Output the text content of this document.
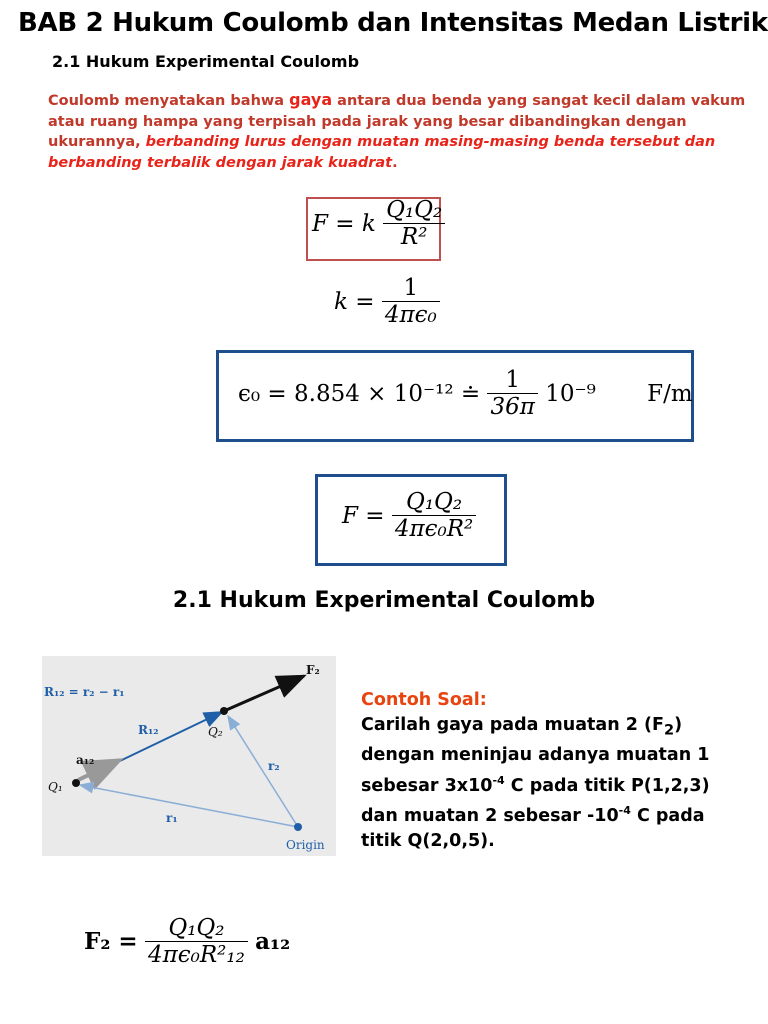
BAB 2 Hukum Coulomb dan Intensitas Medan Listrik
2.1 Hukum Experimental Coulomb
Coulomb menyatakan bahwa gaya antara dua benda yang sangat kecil dalam vakum atau ruang hampa yang terpisah pada jarak yang besar dibandingkan dengan ukurannya, berbanding lurus dengan muatan masing-masing benda tersebut dan berbanding terbalik dengan jarak kuadrat.
F = k $\frac{\text{Q₁Q₂}}{\text{R²}}$
$k = \frac{1}{\text{4πϵ₀}}$
ϵ₀ = 8.854 × 10⁻¹² ≐ $\frac{1}{36\pi} 10^{-9}$ F/m
$F = \frac{\text{Q₁Q₂}}{\text{4πϵ₀R²}}$
2.1 Hukum Experimental Coulomb
R₁₂ = r₂ − r₁
F₂
R₁₂	Q₂
a₁₂
Q₁
r₂
r₁
Origin
Contoh Soal:
Carilah gaya pada muatan 2 $(F_2)$
dengan meninjau adanya muatan 1
sebesar $3x10^{-4}$ C pada titik P(1,2,3)
dan muatan 2 sebesar $-10^{-4}$ C pada
titik Q(2,0,5).
$F_2 = \frac{\text{Q₁Q₂}}{\text{4πϵ₀R²₁₂}} a_{12}$
